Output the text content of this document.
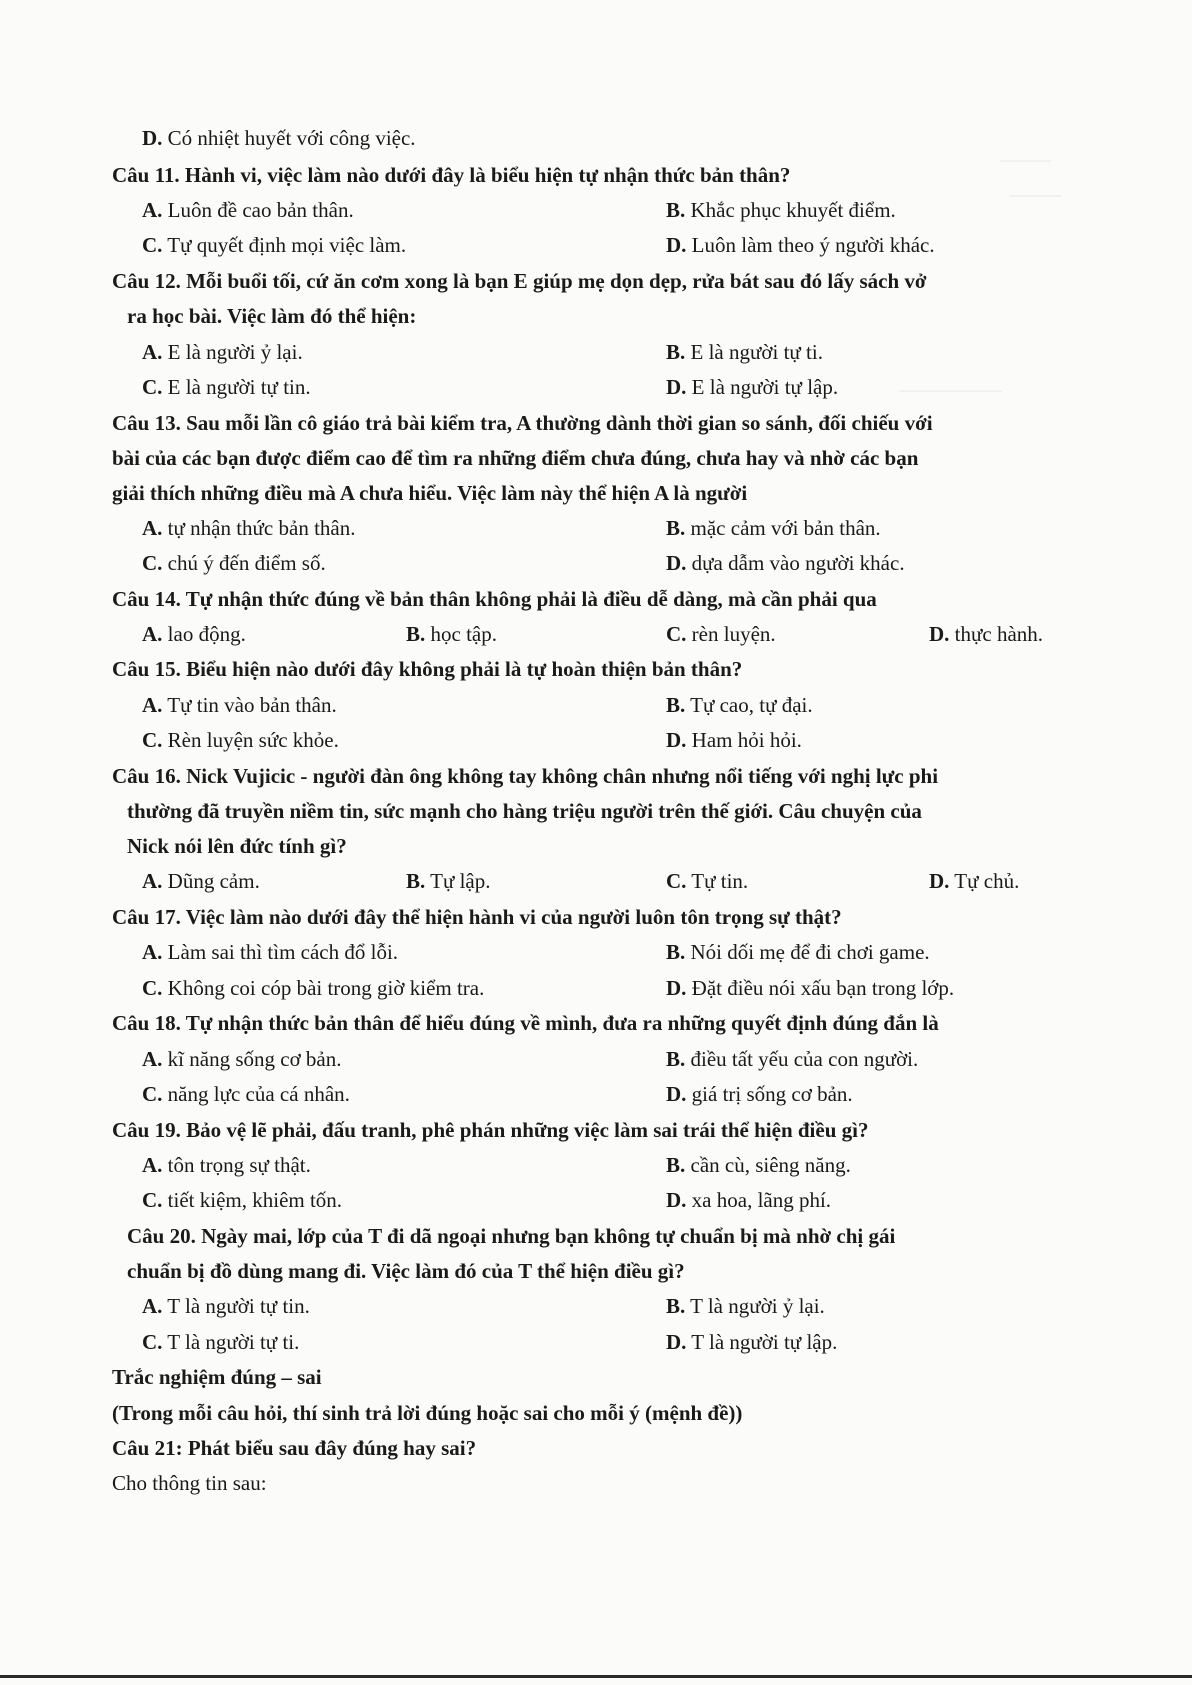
———
———
——————
D. Có nhiệt huyết với công việc.
Câu 11. Hành vi, việc làm nào dưới đây là biểu hiện tự nhận thức bản thân?
A. Luôn đề cao bản thân.	B. Khắc phục khuyết điểm.
C. Tự quyết định mọi việc làm.	D. Luôn làm theo ý người khác.
Câu 12. Mỗi buổi tối, cứ ăn cơm xong là bạn E giúp mẹ dọn dẹp, rửa bát sau đó lấy sách vở
ra học bài. Việc làm đó thể hiện:
A. E là người ỷ lại.	B. E là người tự ti.
C. E là người tự tin.	D. E là người tự lập.
Câu 13. Sau mỗi lần cô giáo trả bài kiểm tra, A thường dành thời gian so sánh, đối chiếu với
bài của các bạn được điểm cao để tìm ra những điểm chưa đúng, chưa hay và nhờ các bạn
giải thích những điều mà A chưa hiểu. Việc làm này thể hiện A là người
A. tự nhận thức bản thân.	B. mặc cảm với bản thân.
C. chú ý đến điểm số.	D. dựa dẫm vào người khác.
Câu 14. Tự nhận thức đúng về bản thân không phải là điều dễ dàng, mà cần phải qua
A. lao động.	B. học tập.	C. rèn luyện.	D. thực hành.
Câu 15. Biểu hiện nào dưới đây không phải là tự hoàn thiện bản thân?
A. Tự tin vào bản thân.	B. Tự cao, tự đại.
C. Rèn luyện sức khỏe.	D. Ham hỏi hỏi.
Câu 16. Nick Vujicic - người đàn ông không tay không chân nhưng nổi tiếng với nghị lực phi
thường đã truyền niềm tin, sức mạnh cho hàng triệu người trên thế giới. Câu chuyện của
Nick nói lên đức tính gì?
A. Dũng cảm.	B. Tự lập.	C. Tự tin.	D. Tự chủ.
Câu 17. Việc làm nào dưới đây thể hiện hành vi của người luôn tôn trọng sự thật?
A. Làm sai thì tìm cách đổ lỗi.	B. Nói dối mẹ để đi chơi game.
C. Không coi cóp bài trong giờ kiểm tra.	D. Đặt điều nói xấu bạn trong lớp.
Câu 18. Tự nhận thức bản thân để hiểu đúng về mình, đưa ra những quyết định đúng đắn là
A. kĩ năng sống cơ bản.	B. điều tất yếu của con người.
C. năng lực của cá nhân.	D. giá trị sống cơ bản.
Câu 19. Bảo vệ lẽ phải, đấu tranh, phê phán những việc làm sai trái thể hiện điều gì?
A. tôn trọng sự thật.	B. cần cù, siêng năng.
C. tiết kiệm, khiêm tốn.	D. xa hoa, lãng phí.
Câu 20. Ngày mai, lớp của T đi dã ngoại nhưng bạn không tự chuẩn bị mà nhờ chị gái
chuẩn bị đồ dùng mang đi. Việc làm đó của T thể hiện điều gì?
A. T là người tự tin.	B. T là người ỷ lại.
C. T là người tự ti.	D. T là người tự lập.
Trắc nghiệm đúng – sai
(Trong mỗi câu hỏi, thí sinh trả lời đúng hoặc sai cho mỗi ý (mệnh đề))
Câu 21: Phát biểu sau đây đúng hay sai?
Cho thông tin sau:
